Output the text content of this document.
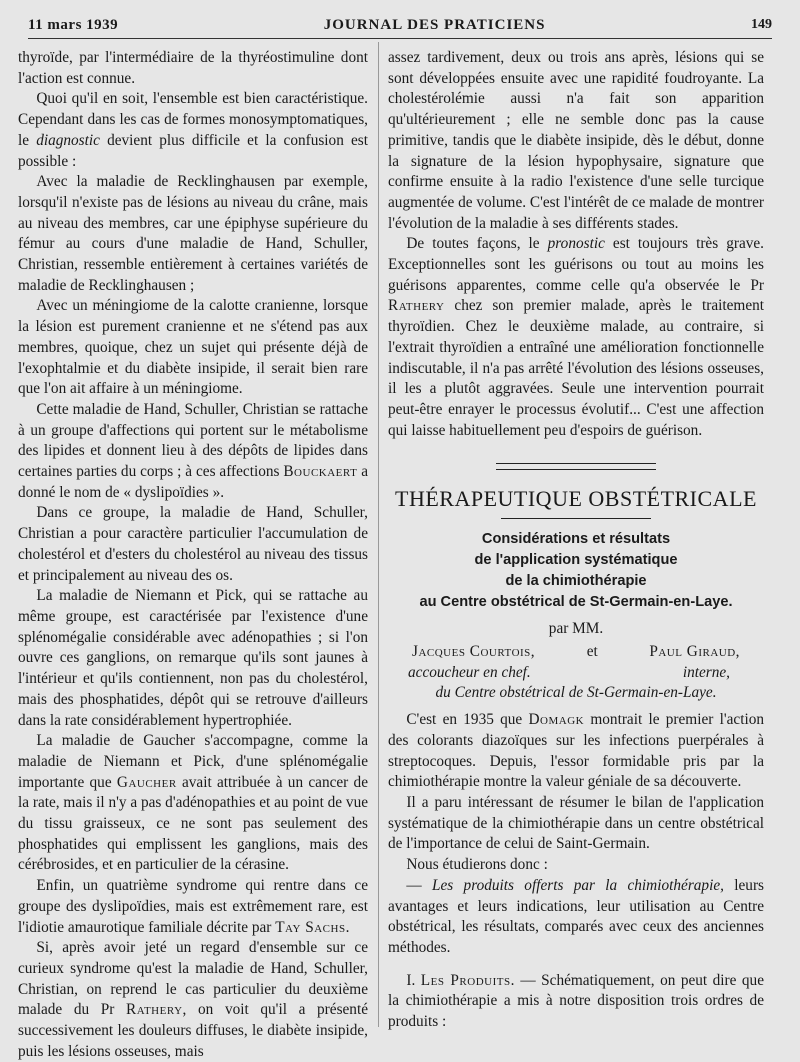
11 mars 1939	JOURNAL DES PRATICIENS	149

thyroïde, par l'intermédiaire de la thyréostimuline dont l'action est connue.

Quoi qu'il en soit, l'ensemble est bien caractéristique. Cependant dans les cas de formes monosymptomatiques, le diagnostic devient plus difficile et la confusion est possible :

Avec la maladie de Recklinghausen par exemple, lorsqu'il n'existe pas de lésions au niveau du crâne, mais au niveau des membres, car une épiphyse supérieure du fémur au cours d'une maladie de Hand, Schuller, Christian, ressemble entièrement à certaines variétés de maladie de Recklinghausen ;

Avec un méningiome de la calotte cranienne, lorsque la lésion est purement cranienne et ne s'étend pas aux membres, quoique, chez un sujet qui présente déjà de l'exophtalmie et du diabète insipide, il serait bien rare que l'on ait affaire à un méningiome.

Cette maladie de Hand, Schuller, Christian se rattache à un groupe d'affections qui portent sur le métabolisme des lipides et donnent lieu à des dépôts de lipides dans certaines parties du corps ; à ces affections Bouckaert a donné le nom de « dyslipoïdies ».

Dans ce groupe, la maladie de Hand, Schuller, Christian a pour caractère particulier l'accumulation de cholestérol et d'esters du cholestérol au niveau des tissus et principalement au niveau des os.

La maladie de Niemann et Pick, qui se rattache au même groupe, est caractérisée par l'existence d'une splénomégalie considérable avec adénopathies ; si l'on ouvre ces ganglions, on remarque qu'ils sont jaunes à l'intérieur et qu'ils contiennent, non pas du cholestérol, mais des phosphatides, dépôt qui se retrouve d'ailleurs dans la rate considérablement hypertrophiée.

La maladie de Gaucher s'accompagne, comme la maladie de Niemann et Pick, d'une splénomégalie importante que Gaucher avait attribuée à un cancer de la rate, mais il n'y a pas d'adénopathies et au point de vue du tissu graisseux, ce ne sont pas seulement des phosphatides qui emplissent les ganglions, mais des cérébrosides, et en particulier de la cérasine.

Enfin, un quatrième syndrome qui rentre dans ce groupe des dyslipoïdies, mais est extrêmement rare, est l'idiotie amaurotique familiale décrite par Tay Sachs.

Si, après avoir jeté un regard d'ensemble sur ce curieux syndrome qu'est la maladie de Hand, Schuller, Christian, on reprend le cas particulier du deuxième malade du Pr Rathery, on voit qu'il a présenté successivement les douleurs diffuses, le diabète insipide, puis les lésions osseuses, mais

assez tardivement, deux ou trois ans après, lésions qui se sont développées ensuite avec une rapidité foudroyante. La cholestérolémie aussi n'a fait son apparition qu'ultérieurement ; elle ne semble donc pas la cause primitive, tandis que le diabète insipide, dès le début, donne la signature de la lésion hypophysaire, signature que confirme ensuite à la radio l'existence d'une selle turcique augmentée de volume. C'est l'intérêt de ce malade de montrer l'évolution de la maladie à ses différents stades.

De toutes façons, le pronostic est toujours très grave. Exceptionnelles sont les guérisons ou tout au moins les guérisons apparentes, comme celle qu'a observée le Pr Rathery chez son premier malade, après le traitement thyroïdien. Chez le deuxième malade, au contraire, si l'extrait thyroïdien a entraîné une amélioration fonctionnelle indiscutable, il n'a pas arrêté l'évolution des lésions osseuses, il les a plutôt aggravées. Seule une intervention pourrait peut-être enrayer le processus évolutif... C'est une affection qui laisse habituellement peu d'espoirs de guérison.

THÉRAPEUTIQUE OBSTÉTRICALE
Considérations et résultats
de l'application systématique
de la chimiothérapie
au Centre obstétrical de St-Germain-en-Laye.
par MM.
Jacques Courtois,	et	Paul Giraud,
accoucheur en chef.	interne,
du Centre obstétrical de St-Germain-en-Laye.

C'est en 1935 que Domagk montrait le premier l'action des colorants diazoïques sur les infections puerpérales à streptocoques. Depuis, l'essor formidable pris par la chimiothérapie montre la valeur géniale de sa découverte.

Il a paru intéressant de résumer le bilan de l'application systématique de la chimiothérapie dans un centre obstétrical de l'importance de celui de Saint-Germain.

Nous étudierons donc :

— Les produits offerts par la chimiothérapie, leurs avantages et leurs indications, leur utilisation au Centre obstétrical, les résultats, comparés avec ceux des anciennes méthodes.

I. Les Produits. — Schématiquement, on peut dire que la chimiothérapie a mis à notre disposition trois ordres de produits :
